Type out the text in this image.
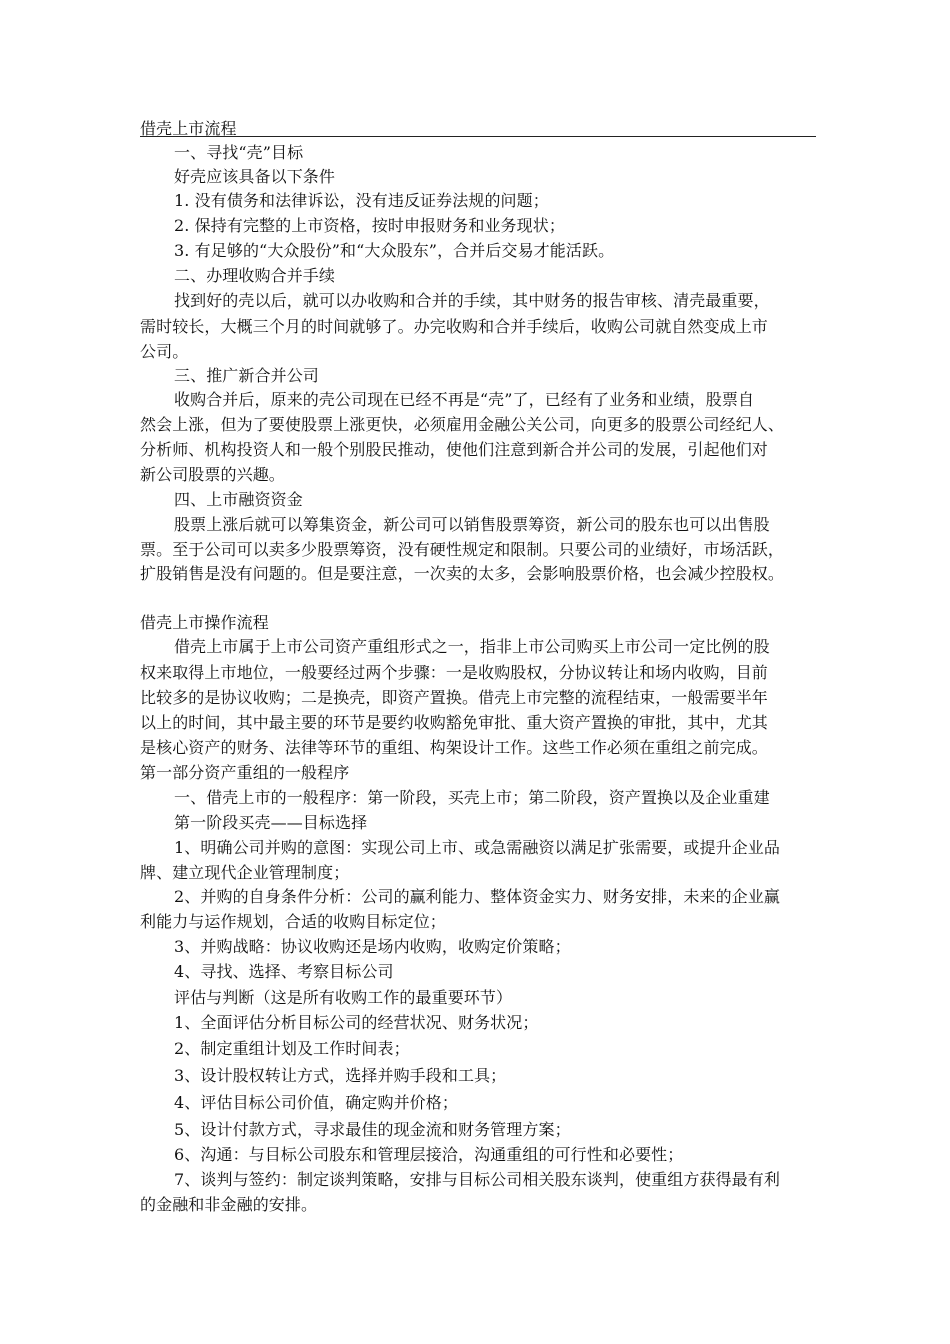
借壳上市流程
一、寻找“壳”目标
好壳应该具备以下条件
1. 没有债务和法律诉讼，没有违反证券法规的问题；
2. 保持有完整的上市资格，按时申报财务和业务现状；
3. 有足够的“大众股份”和“大众股东”，合并后交易才能活跃。
二、办理收购合并手续
找到好的壳以后，就可以办收购和合并的手续，其中财务的报告审核、清壳最重要，
需时较长，大概三个月的时间就够了。办完收购和合并手续后，收购公司就自然变成上市
公司。
三、推广新合并公司
收购合并后，原来的壳公司现在已经不再是“壳”了，已经有了业务和业绩，股票自
然会上涨，但为了要使股票上涨更快，必须雇用金融公关公司，向更多的股票公司经纪人、
分析师、机构投资人和一般个别股民推动，使他们注意到新合并公司的发展，引起他们对
新公司股票的兴趣。
四、上市融资资金
股票上涨后就可以筹集资金，新公司可以销售股票筹资，新公司的股东也可以出售股
票。至于公司可以卖多少股票筹资，没有硬性规定和限制。只要公司的业绩好，市场活跃，
扩股销售是没有问题的。但是要注意，一次卖的太多，会影响股票价格，也会减少控股权。
借壳上市操作流程
借壳上市属于上市公司资产重组形式之一，指非上市公司购买上市公司一定比例的股
权来取得上市地位，一般要经过两个步骤：一是收购股权，分协议转让和场内收购，目前
比较多的是协议收购；二是换壳，即资产置换。借壳上市完整的流程结束，一般需要半年
以上的时间，其中最主要的环节是要约收购豁免审批、重大资产置换的审批，其中，尤其
是核心资产的财务、法律等环节的重组、构架设计工作。这些工作必须在重组之前完成。
第一部分资产重组的一般程序
一、借壳上市的一般程序：第一阶段，买壳上市；第二阶段，资产置换以及企业重建
第一阶段买壳——目标选择
1、明确公司并购的意图：实现公司上市、或急需融资以满足扩张需要，或提升企业品
牌、建立现代企业管理制度；
2、并购的自身条件分析：公司的赢利能力、整体资金实力、财务安排，未来的企业赢
利能力与运作规划，合适的收购目标定位；
3、并购战略：协议收购还是场内收购，收购定价策略；
4、寻找、选择、考察目标公司
评估与判断（这是所有收购工作的最重要环节）
1、全面评估分析目标公司的经营状况、财务状况；
2、制定重组计划及工作时间表；
3、设计股权转让方式，选择并购手段和工具；
4、评估目标公司价值，确定购并价格；
5、设计付款方式，寻求最佳的现金流和财务管理方案；
6、沟通：与目标公司股东和管理层接洽，沟通重组的可行性和必要性；
7、谈判与签约：制定谈判策略，安排与目标公司相关股东谈判，使重组方获得最有利
的金融和非金融的安排。
